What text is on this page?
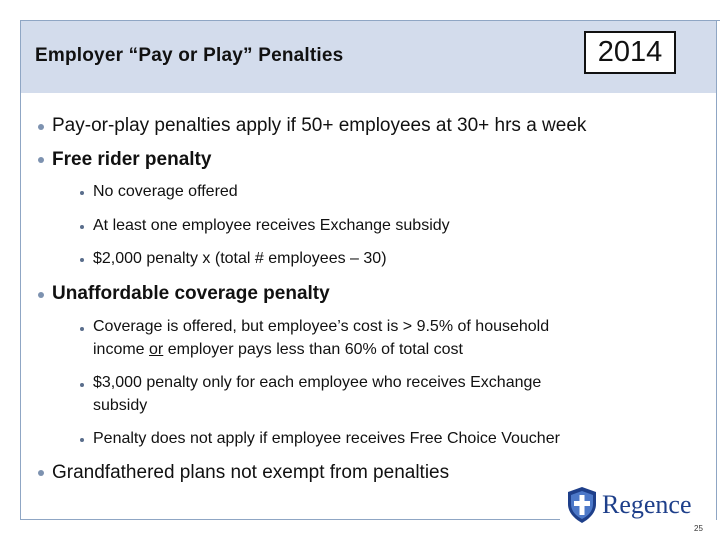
Employer “Pay or Play” Penalties	2014
Pay-or-play penalties apply if 50+ employees at 30+ hrs a week
Free rider penalty
No coverage offered
At least one employee receives Exchange subsidy
$2,000 penalty x (total # employees – 30)
Unaffordable coverage penalty
Coverage is offered, but employee’s cost is > 9.5% of household
income or employer pays less than 60% of total cost
$3,000 penalty only for each employee who receives Exchange
subsidy
Penalty does not apply if employee receives Free Choice Voucher
Grandfathered plans not exempt from penalties
Regence
25
